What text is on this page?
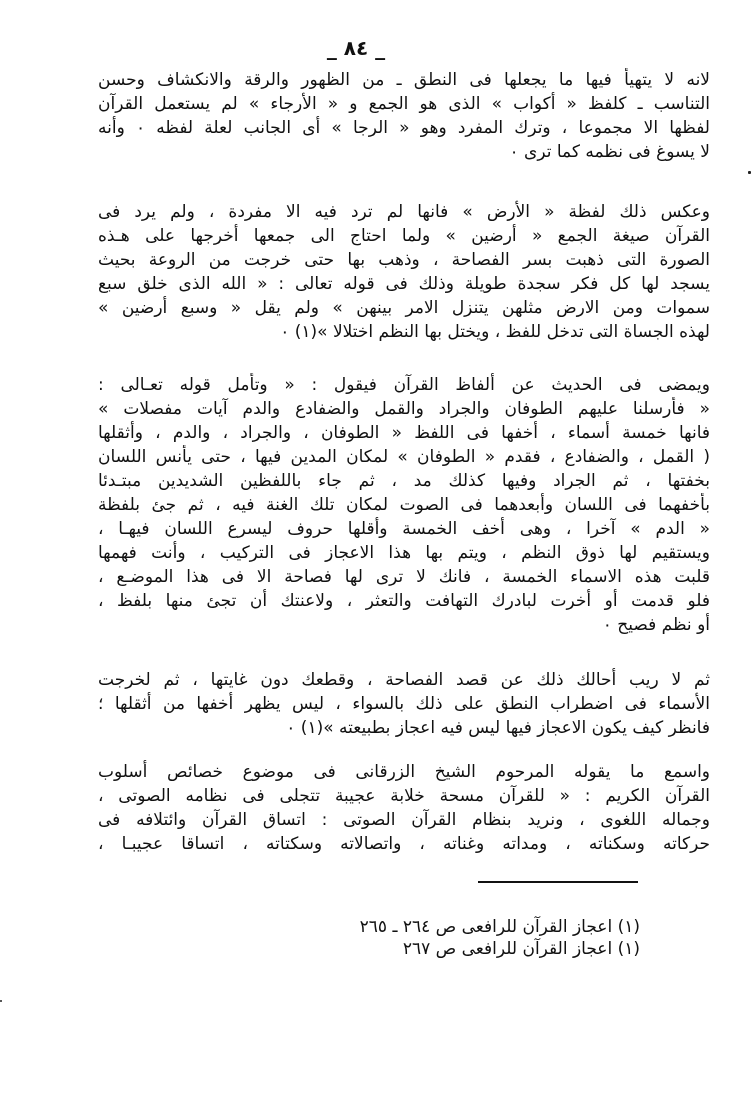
_ ٨٤ _
لانه لا يتهيأ فيها ما يجعلها فى النطق ـ من الظهور والرقة والانكشاف وحسن
التناسب ـ كلفظ « أكواب » الذى هو الجمع و « الأرجاء » لم يستعمل القرآن
لفظها الا مجموعا ، وترك المفرد وهو « الرجا » أى الجانب لعلة لفظه ٠ وأنه
لا يسوغ فى نظمه كما ترى ٠
وعكس ذلك لفظة « الأرض » فانها لم ترد فيه الا مفردة ، ولم يرد فى
القرآن صيغة الجمع « أرضين » ولما احتاج الى جمعها أخرجها على هـذه
الصورة التى ذهبت بسر الفصاحة ، وذهب بها حتى خرجت من الروعة بحيث
يسجد لها كل فكر سجدة طويلة وذلك فى قوله تعالى : « الله الذى خلق سبع
سموات ومن الارض مثلهن يتنزل الامر بينهن » ولم يقل « وسبع أرضين »
لهذه الجساة التى تدخل للفظ ، ويختل بها النظم اختلالا »(١) ٠
ويمضى فى الحديث عن ألفاظ القرآن فيقول : « وتأمل قوله تعـالى :
« فأرسلنا عليهم الطوفان والجراد والقمل والضفادع والدم آيات مفصلات »
فانها خمسة أسماء ، أخفها فى اللفظ « الطوفان ، والجراد ، والدم ، وأثقلها
( القمل ، والضفادع ، فقدم « الطوفان » لمكان المدين فيها ، حتى يأنس اللسان
بخفتها ، ثم الجراد وفيها كذلك مد ، ثم جاء باللفظين الشديدين مبتـدئا
بأخفهما فى اللسان وأبعدهما فى الصوت لمكان تلك الغنة فيه ، ثم جئ بلفظة
« الدم » آخرا ، وهى أخف الخمسة وأقلها حروف ليسرع اللسان فيهـا ،
ويستقيم لها ذوق النظم ، ويتم بها هذا الاعجاز فى التركيب ، وأنت فهمها
قلبت هذه الاسماء الخمسة ، فانك لا ترى لها فصاحة الا فى هذا الموضـع ،
فلو قدمت أو أخرت لبادرك التهافت والتعثر ، ولاعنتك أن تجئ منها بلفظ ،
أو نظم فصيح ٠
ثم لا ريب أحالك ذلك عن قصد الفصاحة ، وقطعك دون غايتها ، ثم لخرجت
الأسماء فى اضطراب النطق على ذلك بالسواء ، ليس يظهر أخفها من أثقلها ؛
فانظر كيف يكون الاعجاز فيها ليس فيه اعجاز بطبيعته »(١) ٠
واسمع ما يقوله المرحوم الشيخ الزرقانى فى موضوع خصائص أسلوب
القرآن الكريم : « للقرآن مسحة خلابة عجيبة تتجلى فى نظامه الصوتى ،
وجماله اللغوى ، ونريد بنظام القرآن الصوتى : اتساق القرآن وائتلافه فى
حركاته وسكناته ، ومداته وغناته ، واتصالاته وسكتاته ، اتساقا عجيبـا ،
(١) اعجاز القرآن للرافعى ص ٢٦٤ ـ ٢٦٥
(١) اعجاز القرآن للرافعى ص ٢٦٧
